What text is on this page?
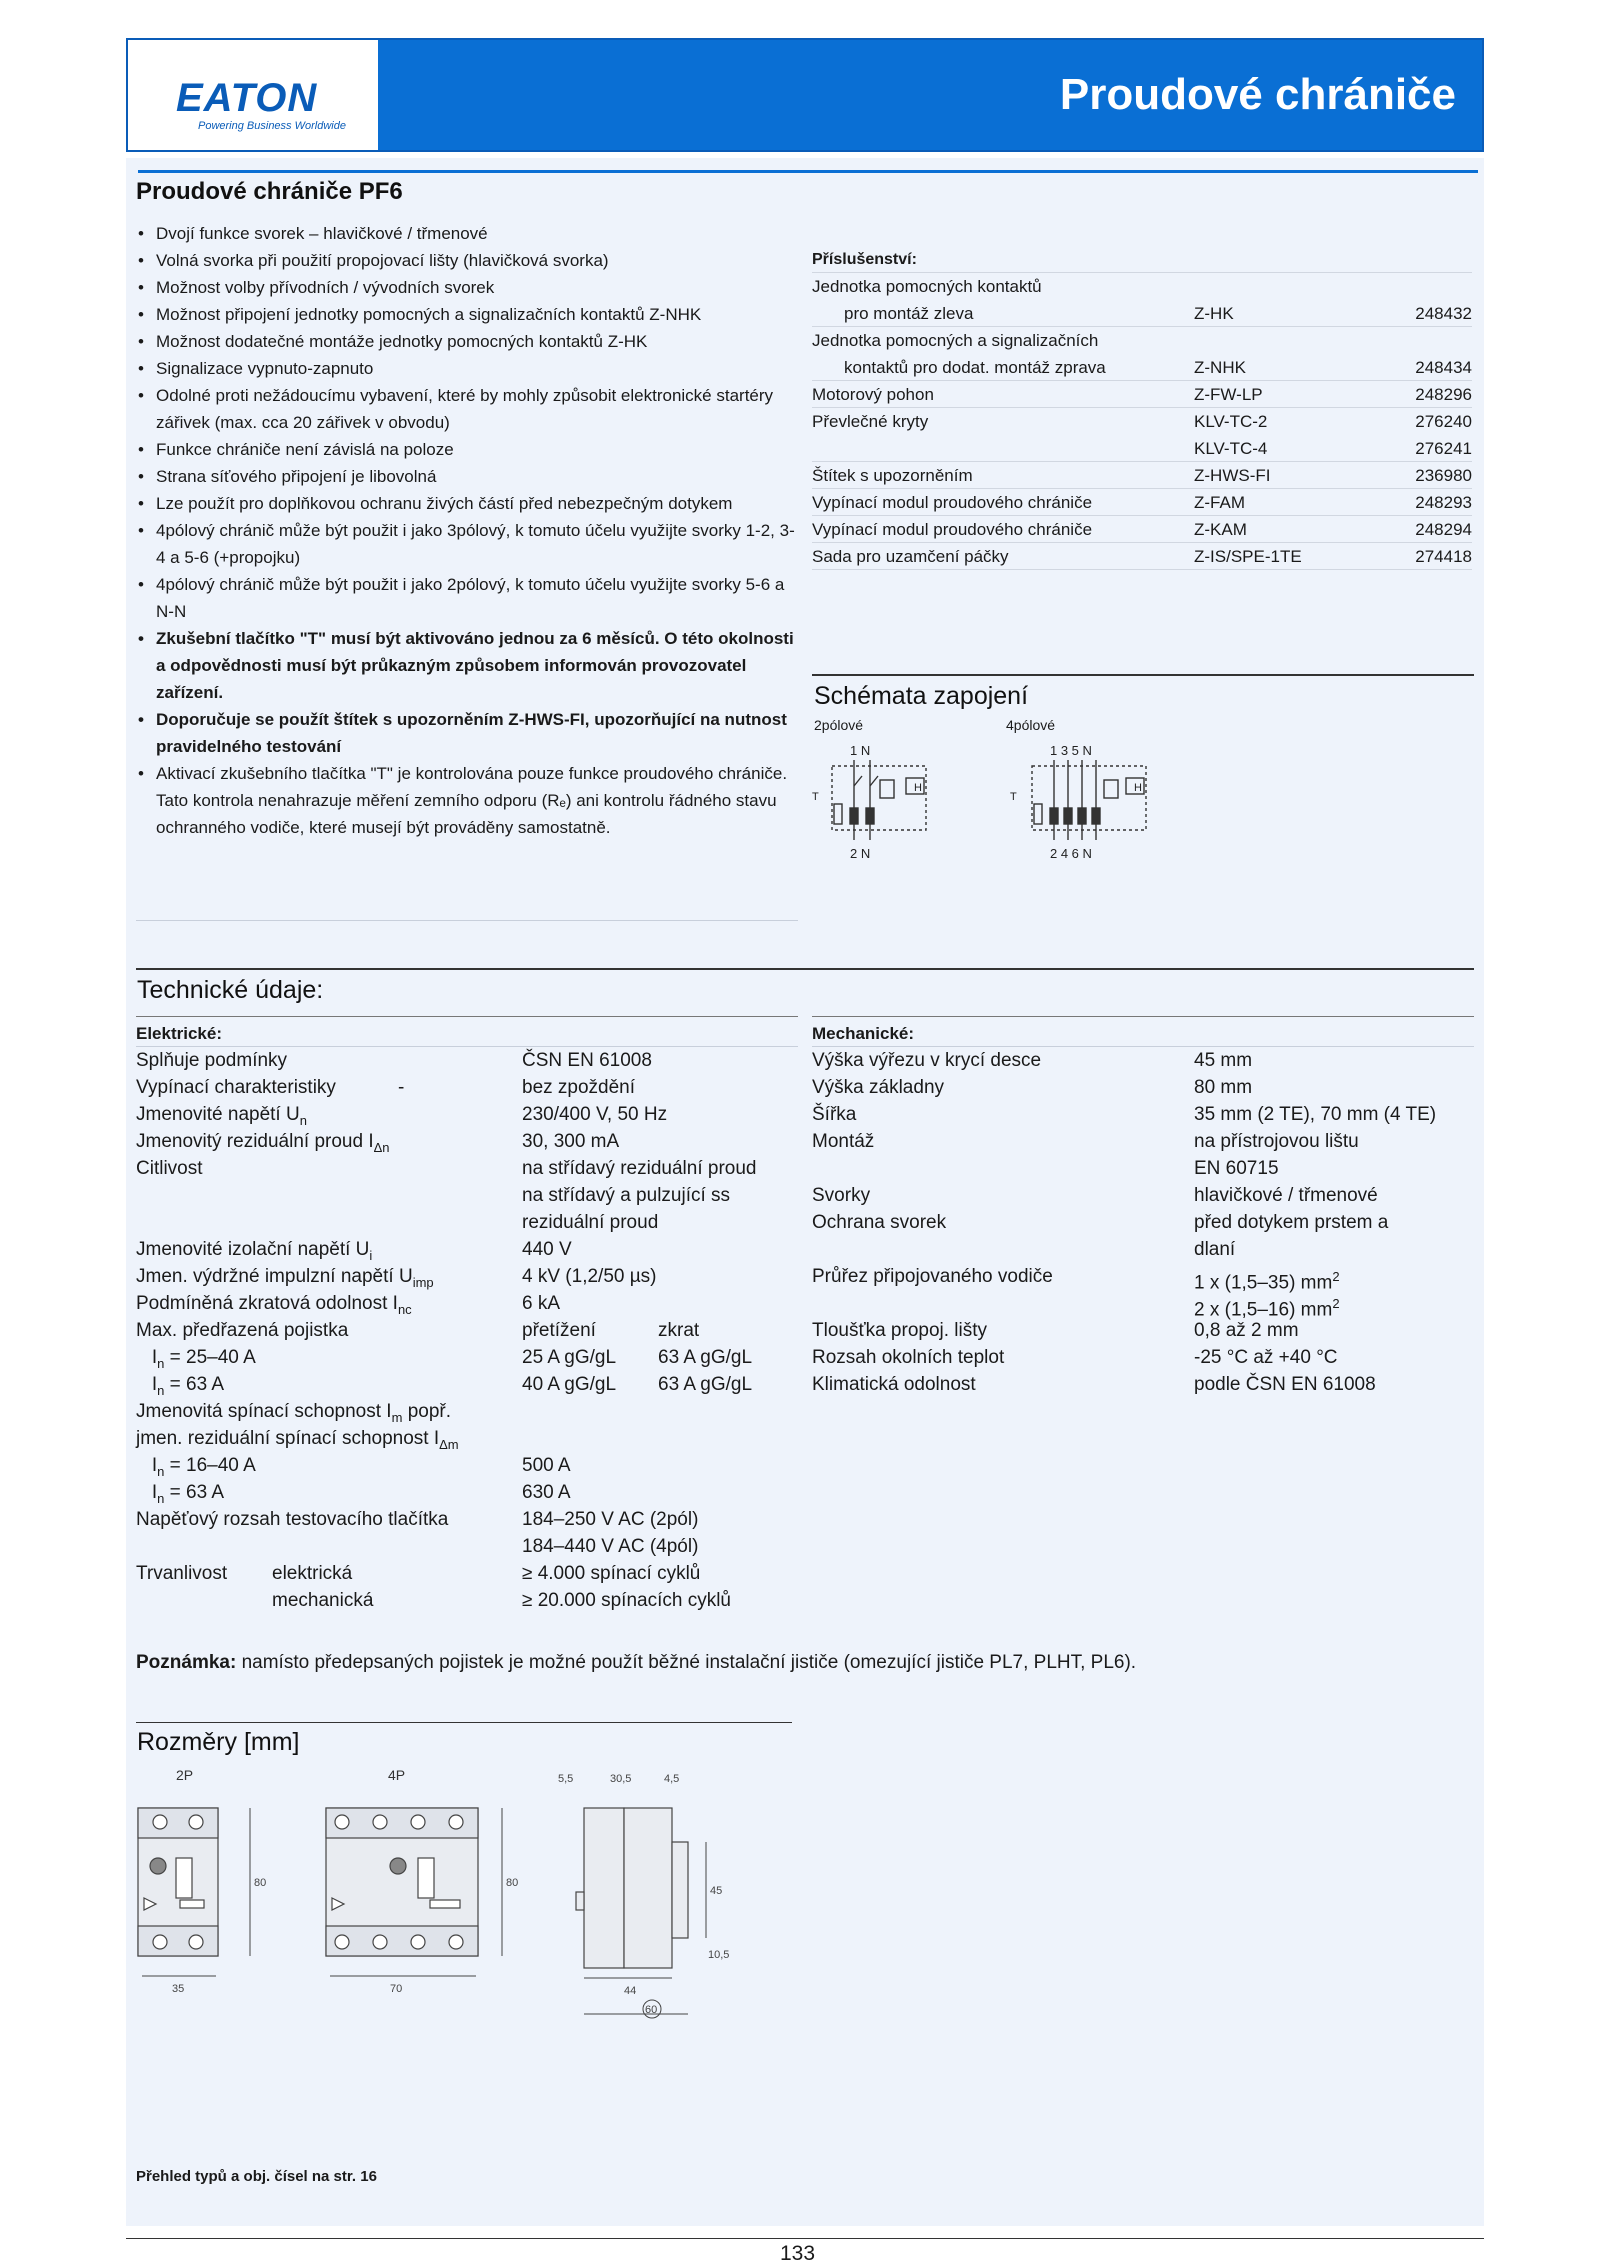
EATON
Powering Business Worldwide
Proudové chrániče
Proudové chrániče PF6
• Dvojí funkce svorek – hlavičkové / třmenové
• Volná svorka při použití propojovací lišty (hlavičková svorka)
• Možnost volby přívodních / vývodních svorek
• Možnost připojení jednotky pomocných a signalizačních kontaktů Z-NHK
• Možnost dodatečné montáže jednotky pomocných kontaktů Z-HK
• Signalizace vypnuto-zapnuto
• Odolné proti nežádoucímu vybavení, které by mohly způsobit elektronické startéry zářivek (max. cca 20 zářivek v obvodu)
• Funkce chrániče není závislá na poloze
• Strana síťového připojení je libovolná
• Lze použít pro doplňkovou ochranu živých částí před nebezpečným dotykem
• 4pólový chránič může být použit i jako 3pólový, k tomuto účelu využijte svorky 1-2, 3-4 a 5-6 (+propojku)
• 4pólový chránič může být použit i jako 2pólový, k tomuto účelu využijte svorky 5-6 a N-N
• Zkušební tlačítko "T" musí být aktivováno jednou za 6 měsíců. O této okolnosti a odpovědnosti musí být průkazným způsobem informován provozovatel zařízení.
• Doporučuje se použít štítek s upozorněním Z-HWS-FI, upozorňující na nutnost pravidelného testování
• Aktivací zkušebního tlačítka "T" je kontrolována pouze funkce proudového chrániče. Tato kontrola nenahrazuje měření zemního odporu (Rₑ) ani kontrolu řádného stavu ochranného vodiče, které musejí být prováděny samostatně.
Příslušenství:
Jednotka pomocných kontaktů
pro montáž zleva	Z-HK	248432
Jednotka pomocných a signalizačních
kontaktů pro dodat. montáž zprava	Z-NHK	248434
Motorový pohon	Z-FW-LP	248296
Převlečné kryty	KLV-TC-2	276240
KLV-TC-4	276241
Štítek s upozorněním	Z-HWS-FI	236980
Vypínací modul proudového chrániče	Z-FAM	248293
Vypínací modul proudového chrániče	Z-KAM	248294
Sada pro uzamčení páčky	Z-IS/SPE-1TE	274418
Schémata zapojení
2pólové	4pólové
1 N
H
T
2 N
1 3 5 N
H
T
2 4 6 N
Technické údaje:
Elektrické:
Splňuje podmínky	ČSN EN 61008
Vypínací charakteristiky	-	bez zpoždění
Jmenovité napětí $U_n$	230/400 V, 50 Hz
Jmenovitý reziduální proud $I_{\Delta n}$	30, 300 mA
Citlivost	na střídavý reziduální proud
na střídavý a pulzující ss
reziduální proud
Jmenovité izolační napětí $U_i$	440 V
Jmen. výdržné impulzní napětí $U_{imp}$	4 kV (1,2/50 µs)
Podmíněná zkratová odolnost $I_{nc}$	6 kA
Max. předřazená pojistka	přetížení	zkrat
$I_n = 25-40$ A	25 A gG/gL	63 A gG/gL
$I_n = 63$ A	40 A gG/gL	63 A gG/gL
Jmenovitá spínací schopnost $I_m$ popř.
jmen. reziduální spínací schopnost $I_{\Delta m}$
$I_n = 16-40$ A	500 A
$I_n = 63$ A	630 A
Napěťový rozsah testovacího tlačítka	184–250 V AC (2pól)
184–440 V AC (4pól)
Trvanlivost	elektrická	≥ 4.000 spínací cyklů
mechanická	≥ 20.000 spínacích cyklů
Mechanické:
Výška výřezu v krycí desce	45 mm
Výška základny	80 mm
Šířka	35 mm (2 TE), 70 mm (4 TE)
Montáž	na přístrojovou lištu
EN 60715
Svorky	hlavičkové / třmenové
Ochrana svorek	před dotykem prstem a
dlaní
Průřez připojovaného vodiče	1 x (1,5–35) $mm^2$
2 x (1,5–16) $mm^2$
Tloušťka propoj. lišty	0,8 až 2 mm
Rozsah okolních teplot	-25 °C až +40 °C
Klimatická odolnost	podle ČSN EN 61008
Poznámka: namísto předepsaných pojistek je možné použít běžné instalační jističe (omezující jističe PL7, PLHT, PL6).
Rozměry [mm]
2P	4P
80
35
80
70
5,5	30,5	4,5
45
10,5
44
60
Přehled typů a obj. čísel na str. 16
133
